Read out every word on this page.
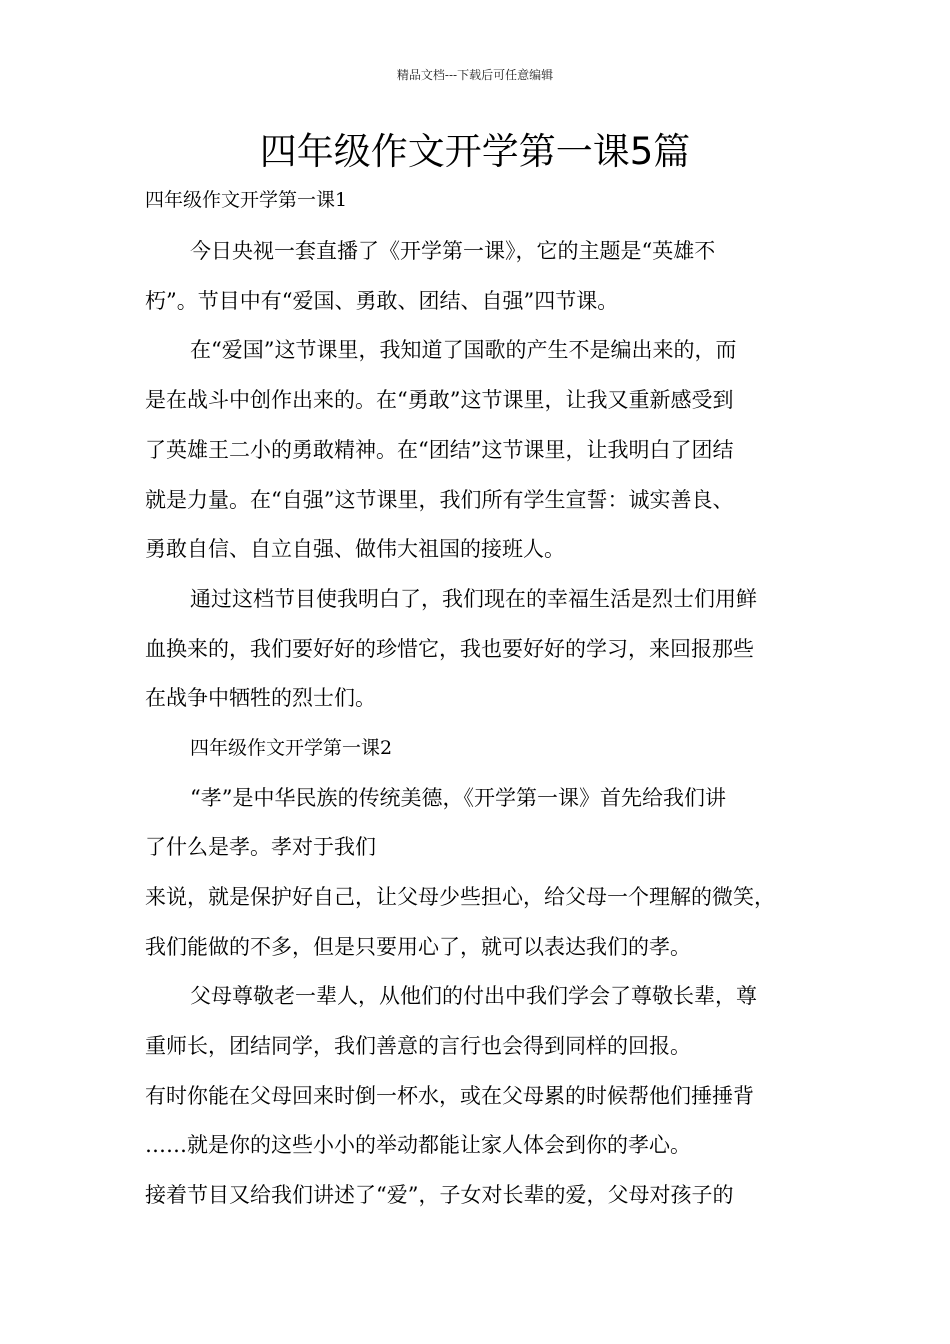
精品文档---下载后可任意编辑
四年级作文开学第一课5篇
四年级作文开学第一课1
今日央视一套直播了《开学第一课》，它的主题是“英雄不
朽”。节目中有“爱国、勇敢、团结、自强”四节课。
在“爱国”这节课里，我知道了国歌的产生不是编出来的，而
是在战斗中创作出来的。在“勇敢”这节课里，让我又重新感受到
了英雄王二小的勇敢精神。在“团结”这节课里，让我明白了团结
就是力量。在“自强”这节课里，我们所有学生宣誓：诚实善良、
勇敢自信、自立自强、做伟大祖国的接班人。
通过这档节目使我明白了，我们现在的幸福生活是烈士们用鲜
血换来的，我们要好好的珍惜它，我也要好好的学习，来回报那些
在战争中牺牲的烈士们。
四年级作文开学第一课2
“孝”是中华民族的传统美德，《开学第一课》首先给我们讲
了什么是孝。孝对于我们
来说，就是保护好自己，让父母少些担心，给父母一个理解的微笑，
我们能做的不多，但是只要用心了，就可以表达我们的孝。
父母尊敬老一辈人，从他们的付出中我们学会了尊敬长辈，尊
重师长，团结同学，我们善意的言行也会得到同样的回报。
有时你能在父母回来时倒一杯水，或在父母累的时候帮他们捶捶背
……就是你的这些小小的举动都能让家人体会到你的孝心。
接着节目又给我们讲述了“爱”，子女对长辈的爱，父母对孩子的
